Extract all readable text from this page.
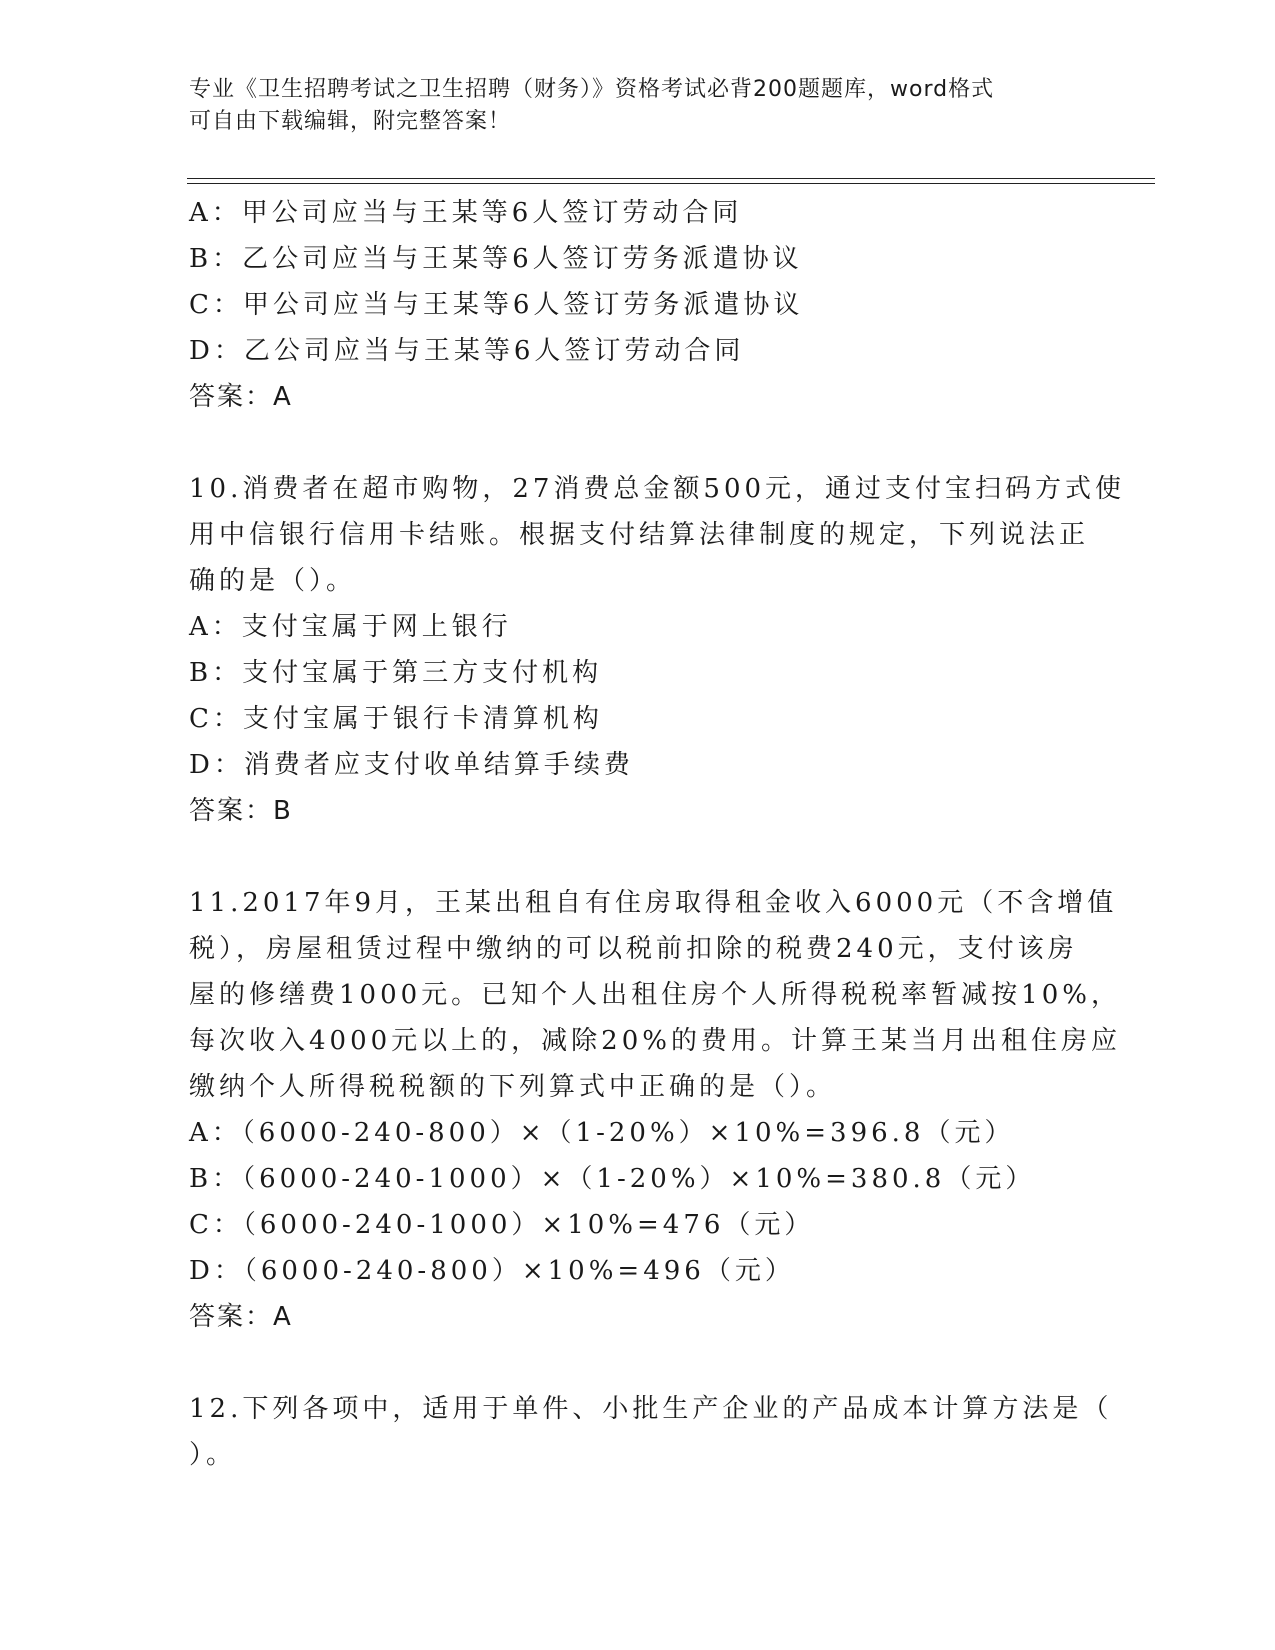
专业《卫生招聘考试之卫生招聘（财务）》资格考试必背200题题库，word格式
可自由下载编辑，附完整答案！
A：甲公司应当与王某等6人签订劳动合同
B：乙公司应当与王某等6人签订劳务派遣协议
C：甲公司应当与王某等6人签订劳务派遣协议
D：乙公司应当与王某等6人签订劳动合同
答案：A
10.消费者在超市购物，27消费总金额500元，通过支付宝扫码方式使
用中信银行信用卡结账。根据支付结算法律制度的规定，下列说法正
确的是（）。
A：支付宝属于网上银行
B：支付宝属于第三方支付机构
C：支付宝属于银行卡清算机构
D：消费者应支付收单结算手续费
答案：B
11.2017年9月，王某出租自有住房取得租金收入6000元（不含增值
税），房屋租赁过程中缴纳的可以税前扣除的税费240元，支付该房
屋的修缮费1000元。已知个人出租住房个人所得税税率暂减按10%，
每次收入4000元以上的，减除20%的费用。计算王某当月出租住房应
缴纳个人所得税税额的下列算式中正确的是（）。
A：（6000-240-800）×（1-20%）×10%=396.8（元）
B：（6000-240-1000）×（1-20%）×10%=380.8（元）
C：（6000-240-1000）×10%=476（元）
D：（6000-240-800）×10%=496（元）
答案：A
12.下列各项中，适用于单件、小批生产企业的产品成本计算方法是（
）。
